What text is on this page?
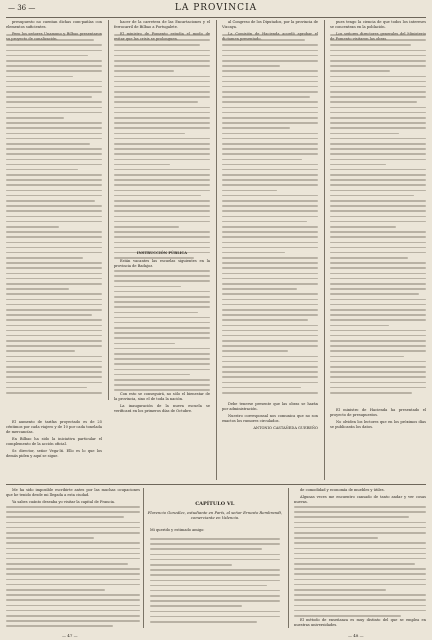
— 36 —	LA PROVINCIA

presupuesto no cuentan dichas com-pañías con elementos suficientes.

El aumento de tarifas proyectado es de 25 céntimos por cada viajero y de 10 por cada tonelada de mercancías.

En Bilbao ha sido la iniciativa particular el complemento de la acción oficial.

Sr. director, señor Vega-Iñ. Ello es lo que los demás piden y aquí se sigue.

hacer de la carretera de las Encartaciones y el ferrocarril de Bilbao a Portugalete.

INSTRUCCIÓN PÚBLICA

Están vacantes las escuelas siguientes en la provincia de Badajoz.

Con esto se conseguirá, no sólo el bienestar de la provincia, sino el de toda la nación.

La inauguración de la nueva escuela se verificará en los primeros días de Octubre.

al Congreso de los Diputados, por la provincia de Vizcaya.

Debe tenerse presente que las obras se harán por administración.

Nuestro corresponsal nos comunica que no son exactos los rumores circulados.

ANTONIO CASTAÑEDA GUEREÑO

pues tengo la ciencia de que todos los intereses se concentran en la población.

El ministro de Hacienda ha presentado el proyecto de presupuestos.

No olviden los lectores que en los próximos días se publicarán los datos.

Me ha sido imposible escribirte antes por las muchas ocupaciones que he tenido desde mi llegada a esta ciudad.

Ya sabes cuánto deseaba yo visitar la capital de Francia.	CAPÍTULO VI.
Florencio González, estudiante en París, al señor Ernesto Rembrandt, comerciante en Valencia.
Mi querido y estimado amigo:

de comodidad y economía de muebles y útiles.

Algunas veces me encuentro cansado de tanto andar y ver cosas nuevas.

El método de enseñanza es muy distinto del que se emplea en nuestras universidades.

— 47 —	— 48 —
